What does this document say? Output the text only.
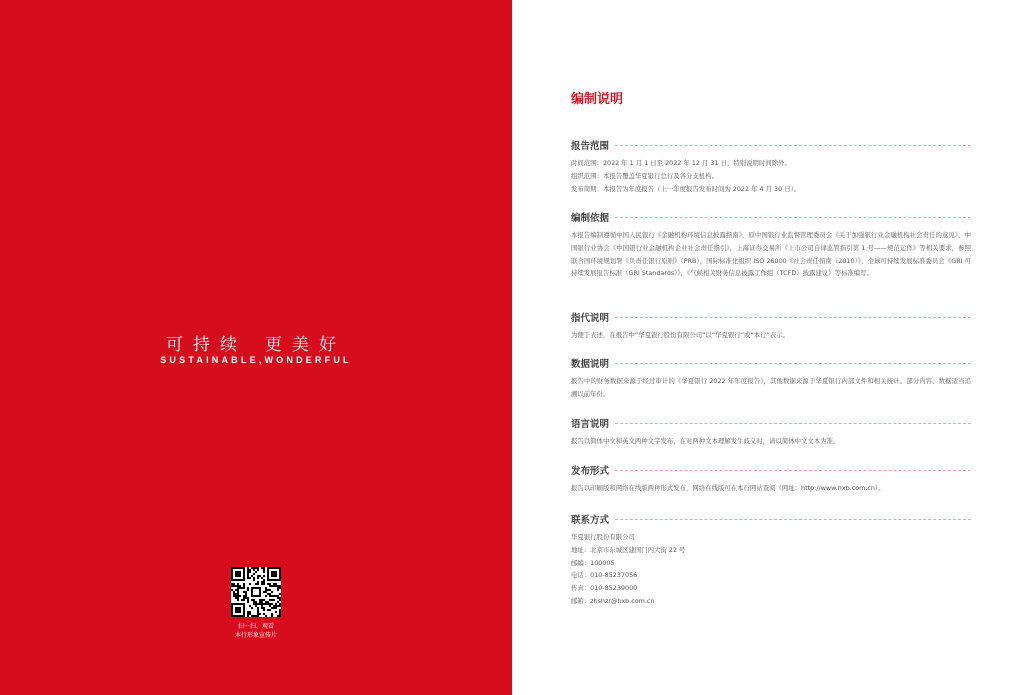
可持续 更美好
SUSTAINABLE,WONDERFUL
扫一扫，观看
本行形象宣传片
编制说明
报告范围
时间范围：2022 年 1 月 1 日至 2022 年 12 月 31 日，特别说明时间除外。
组织范围：本报告覆盖华夏银行总行及各分支机构。
发布周期：本报告为年度报告（上一年度报告发布时间为 2022 年 4 月 30 日）。
编制依据
本报告编制遵循中国人民银行《金融机构环境信息披露指南》，原中国银行业监督管理委员会《关于加强银行业金融机构社会责任的意见》，中国银行业协会《中国银行业金融机构企业社会责任指引》，上海证券交易所《上市公司自律监管指引第 1 号——规范运作》等相关要求，参照联合国环境规划署《负责任银行原则》（PRB），国际标准化组织 ISO 26000《社会责任指南（2010）》，全球可持续发展标准委员会《GRI 可持续发展报告标准（GRI Standards）》，《气候相关财务信息披露工作组（TCFD）披露建议》等标准编写。
指代说明
为便于表述，在报告中“华夏银行股份有限公司”以“华夏银行”或“本行”表示。
数据说明
报告中的财务数据来源于经过审计的《华夏银行 2022 年年度报告》，其他数据来源于华夏银行内部文件和相关统计。部分内容、数据适当追溯以前年份。
语言说明
报告以简体中文和英文两种文字发布，在对两种文本理解发生歧义时，请以简体中文文本为准。
发布形式
报告以印刷版和网络在线版两种形式发布，网络在线版可在本行网站查阅（网址：http://www.hxb.com.cn）。
联系方式
华夏银行股份有限公司
地址：北京市东城区建国门内大街 22 号
邮编：100005
电话：010-85237056
传真：010-85239000
邮箱：zhshzr@hxb.com.cn
